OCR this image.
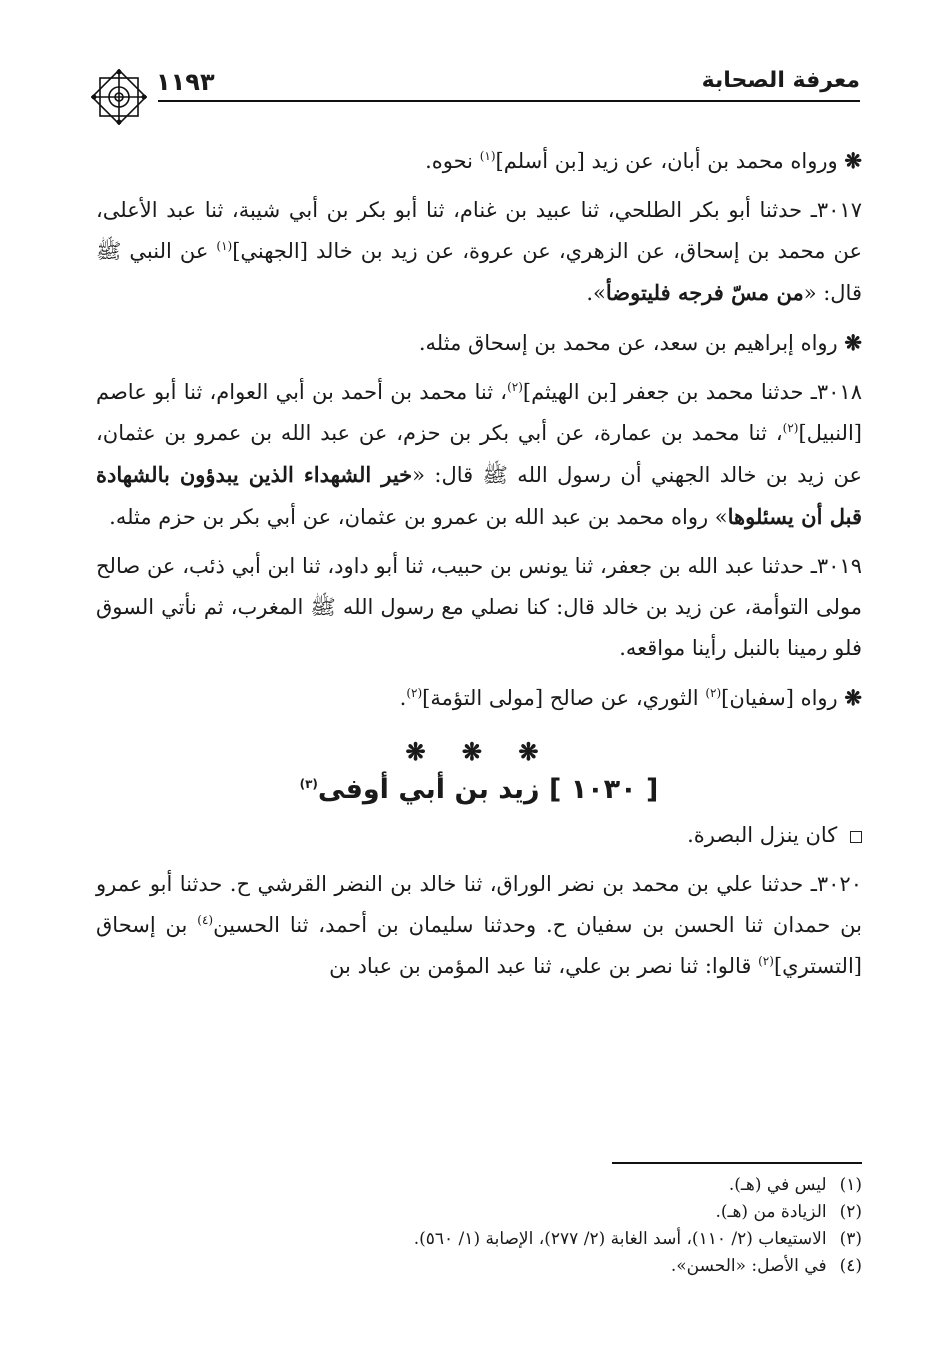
معرفة الصحابة
١١٩٣

❋ ورواه محمد بن أبان، عن زيد [بن أسلم]$^{(١)}$ نحوه.

٣٠١٧ـ حدثنا أبو بكر الطلحي، ثنا عبيد بن غنام، ثنا أبو بكر بن أبي شيبة، ثنا عبد الأعلى، عن محمد بن إسحاق، عن الزهري، عن عروة، عن زيد بن خالد [الجهني]$^{(١)}$ عن النبي ﷺ قال: «من مسّ فرجه فليتوضأ».

❋ رواه إبراهيم بن سعد، عن محمد بن إسحاق مثله.

٣٠١٨ـ حدثنا محمد بن جعفر [بن الهيثم]$^{(٢)}$، ثنا محمد بن أحمد بن أبي العوام، ثنا أبو عاصم [النبيل]$^{(٢)}$، ثنا محمد بن عمارة، عن أبي بكر بن حزم، عن عبد الله بن عمرو بن عثمان، عن زيد بن خالد الجهني أن رسول الله ﷺ قال: «خير الشهداء الذين يبدؤون بالشهادة قبل أن يسئلوها» رواه محمد بن عبد الله بن عمرو بن عثمان، عن أبي بكر بن حزم مثله.

٣٠١٩ـ حدثنا عبد الله بن جعفر، ثنا يونس بن حبيب، ثنا أبو داود، ثنا ابن أبي ذئب، عن صالح مولى التوأمة، عن زيد بن خالد قال: كنا نصلي مع رسول الله ﷺ المغرب، ثم نأتي السوق فلو رمينا بالنبل رأينا مواقعه.

❋ رواه [سفيان]$^{(٢)}$ الثوري، عن صالح [مولى التؤمة]$^{(٢)}$.

❋ ❋ ❋
[ ١٠٣٠ ] زيد بن أبي أوفى$^{(٣)}$

كان ينزل البصرة.

٣٠٢٠ـ حدثنا علي بن محمد بن نضر الوراق، ثنا خالد بن النضر القرشي ح. حدثنا أبو عمرو بن حمدان ثنا الحسن بن سفيان ح. وحدثنا سليمان بن أحمد، ثنا الحسين$^{(٤)}$ بن إسحاق [التستري]$^{(٢)}$ قالوا: ثنا نصر بن علي، ثنا عبد المؤمن بن عباد بن

(١) ليس في (هـ).

(٢) الزيادة من (هـ).

(٣) الاستيعاب (٢/ ١١٠)، أسد الغابة (٢/ ٢٧٧)، الإصابة (١/ ٥٦٠).

(٤) في الأصل: «الحسن».
